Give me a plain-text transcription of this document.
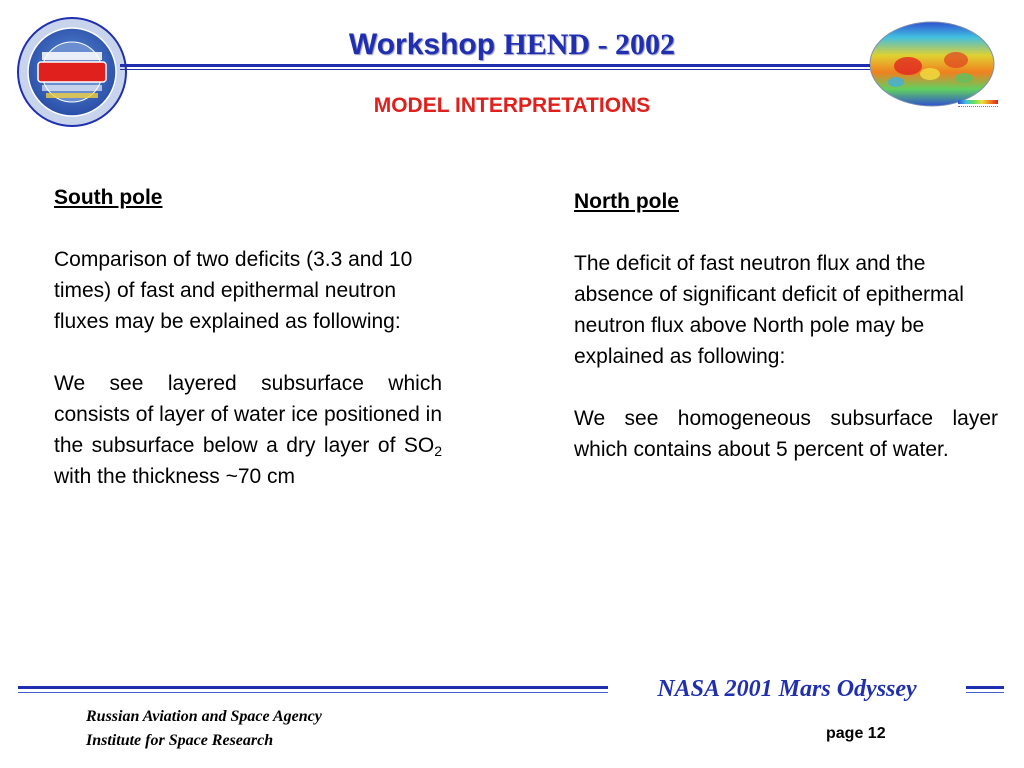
Workshop HEND - 2002
MODEL INTERPRETATIONS
South pole
Comparison of two deficits (3.3 and 10 times) of fast and epithermal neutron fluxes may be explained as following:
We see layered subsurface which consists of layer of water ice positioned in the subsurface below a dry layer of $SO_2$ with the thickness ~70 cm
North pole
The deficit of fast neutron flux and the absence of significant deficit of epithermal neutron flux above North pole may be explained as following:
We see homogeneous subsurface layer which contains about 5 percent of water.
NASA 2001 Mars Odyssey
Russian Aviation and Space Agency
Institute for Space Research	page 12
